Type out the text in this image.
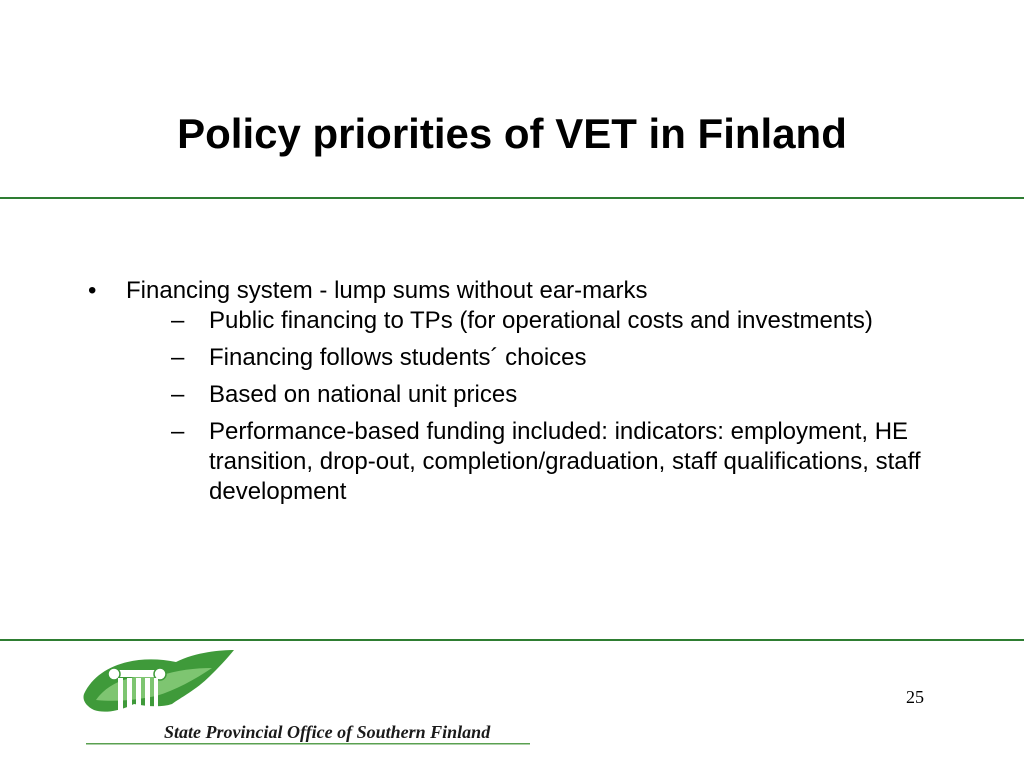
Policy priorities of VET in Finland
• Financing system - lump sums without ear-marks
– Public financing to TPs (for operational costs and investments)
– Financing follows students´ choices
– Based on national unit prices
– Performance-based funding included: indicators: employment, HE transition, drop-out, completion/graduation, staff qualifications, staff development
State Provincial Office of Southern Finland
25
